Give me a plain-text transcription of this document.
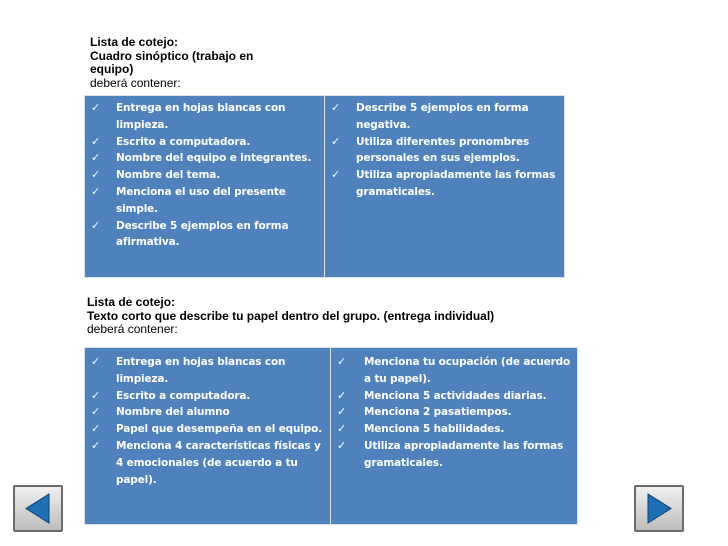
Lista de cotejo:
Cuadro sinóptico (trabajo en
equipo)
deberá contener:
✓ Entrega en hojas blancas con limpieza.
✓ Escrito a computadora.
✓ Nombre del equipo e integrantes.
✓ Nombre del tema.
✓ Menciona el uso del presente simple.
✓ Describe 5 ejemplos en forma afirmativa.
✓ Describe 5 ejemplos en forma negativa.
✓ Utiliza diferentes pronombres personales en sus ejemplos.
✓ Utiliza apropiadamente las formas gramaticales.
Lista de cotejo:
Texto corto que describe tu papel dentro del grupo. (entrega individual)
deberá contener:
✓ Entrega en hojas blancas con limpieza.
✓ Escrito a computadora.
✓ Nombre del alumno
✓ Papel que desempeña en el equipo.
✓ Menciona 4 características físicas y 4 emocionales (de acuerdo a tu papel).
✓ Menciona tu ocupación (de acuerdo a tu papel).
✓ Menciona 5 actividades diarias.
✓ Menciona 2 pasatiempos.
✓ Menciona 5 habilidades.
✓ Utiliza apropiadamente las formas gramaticales.
